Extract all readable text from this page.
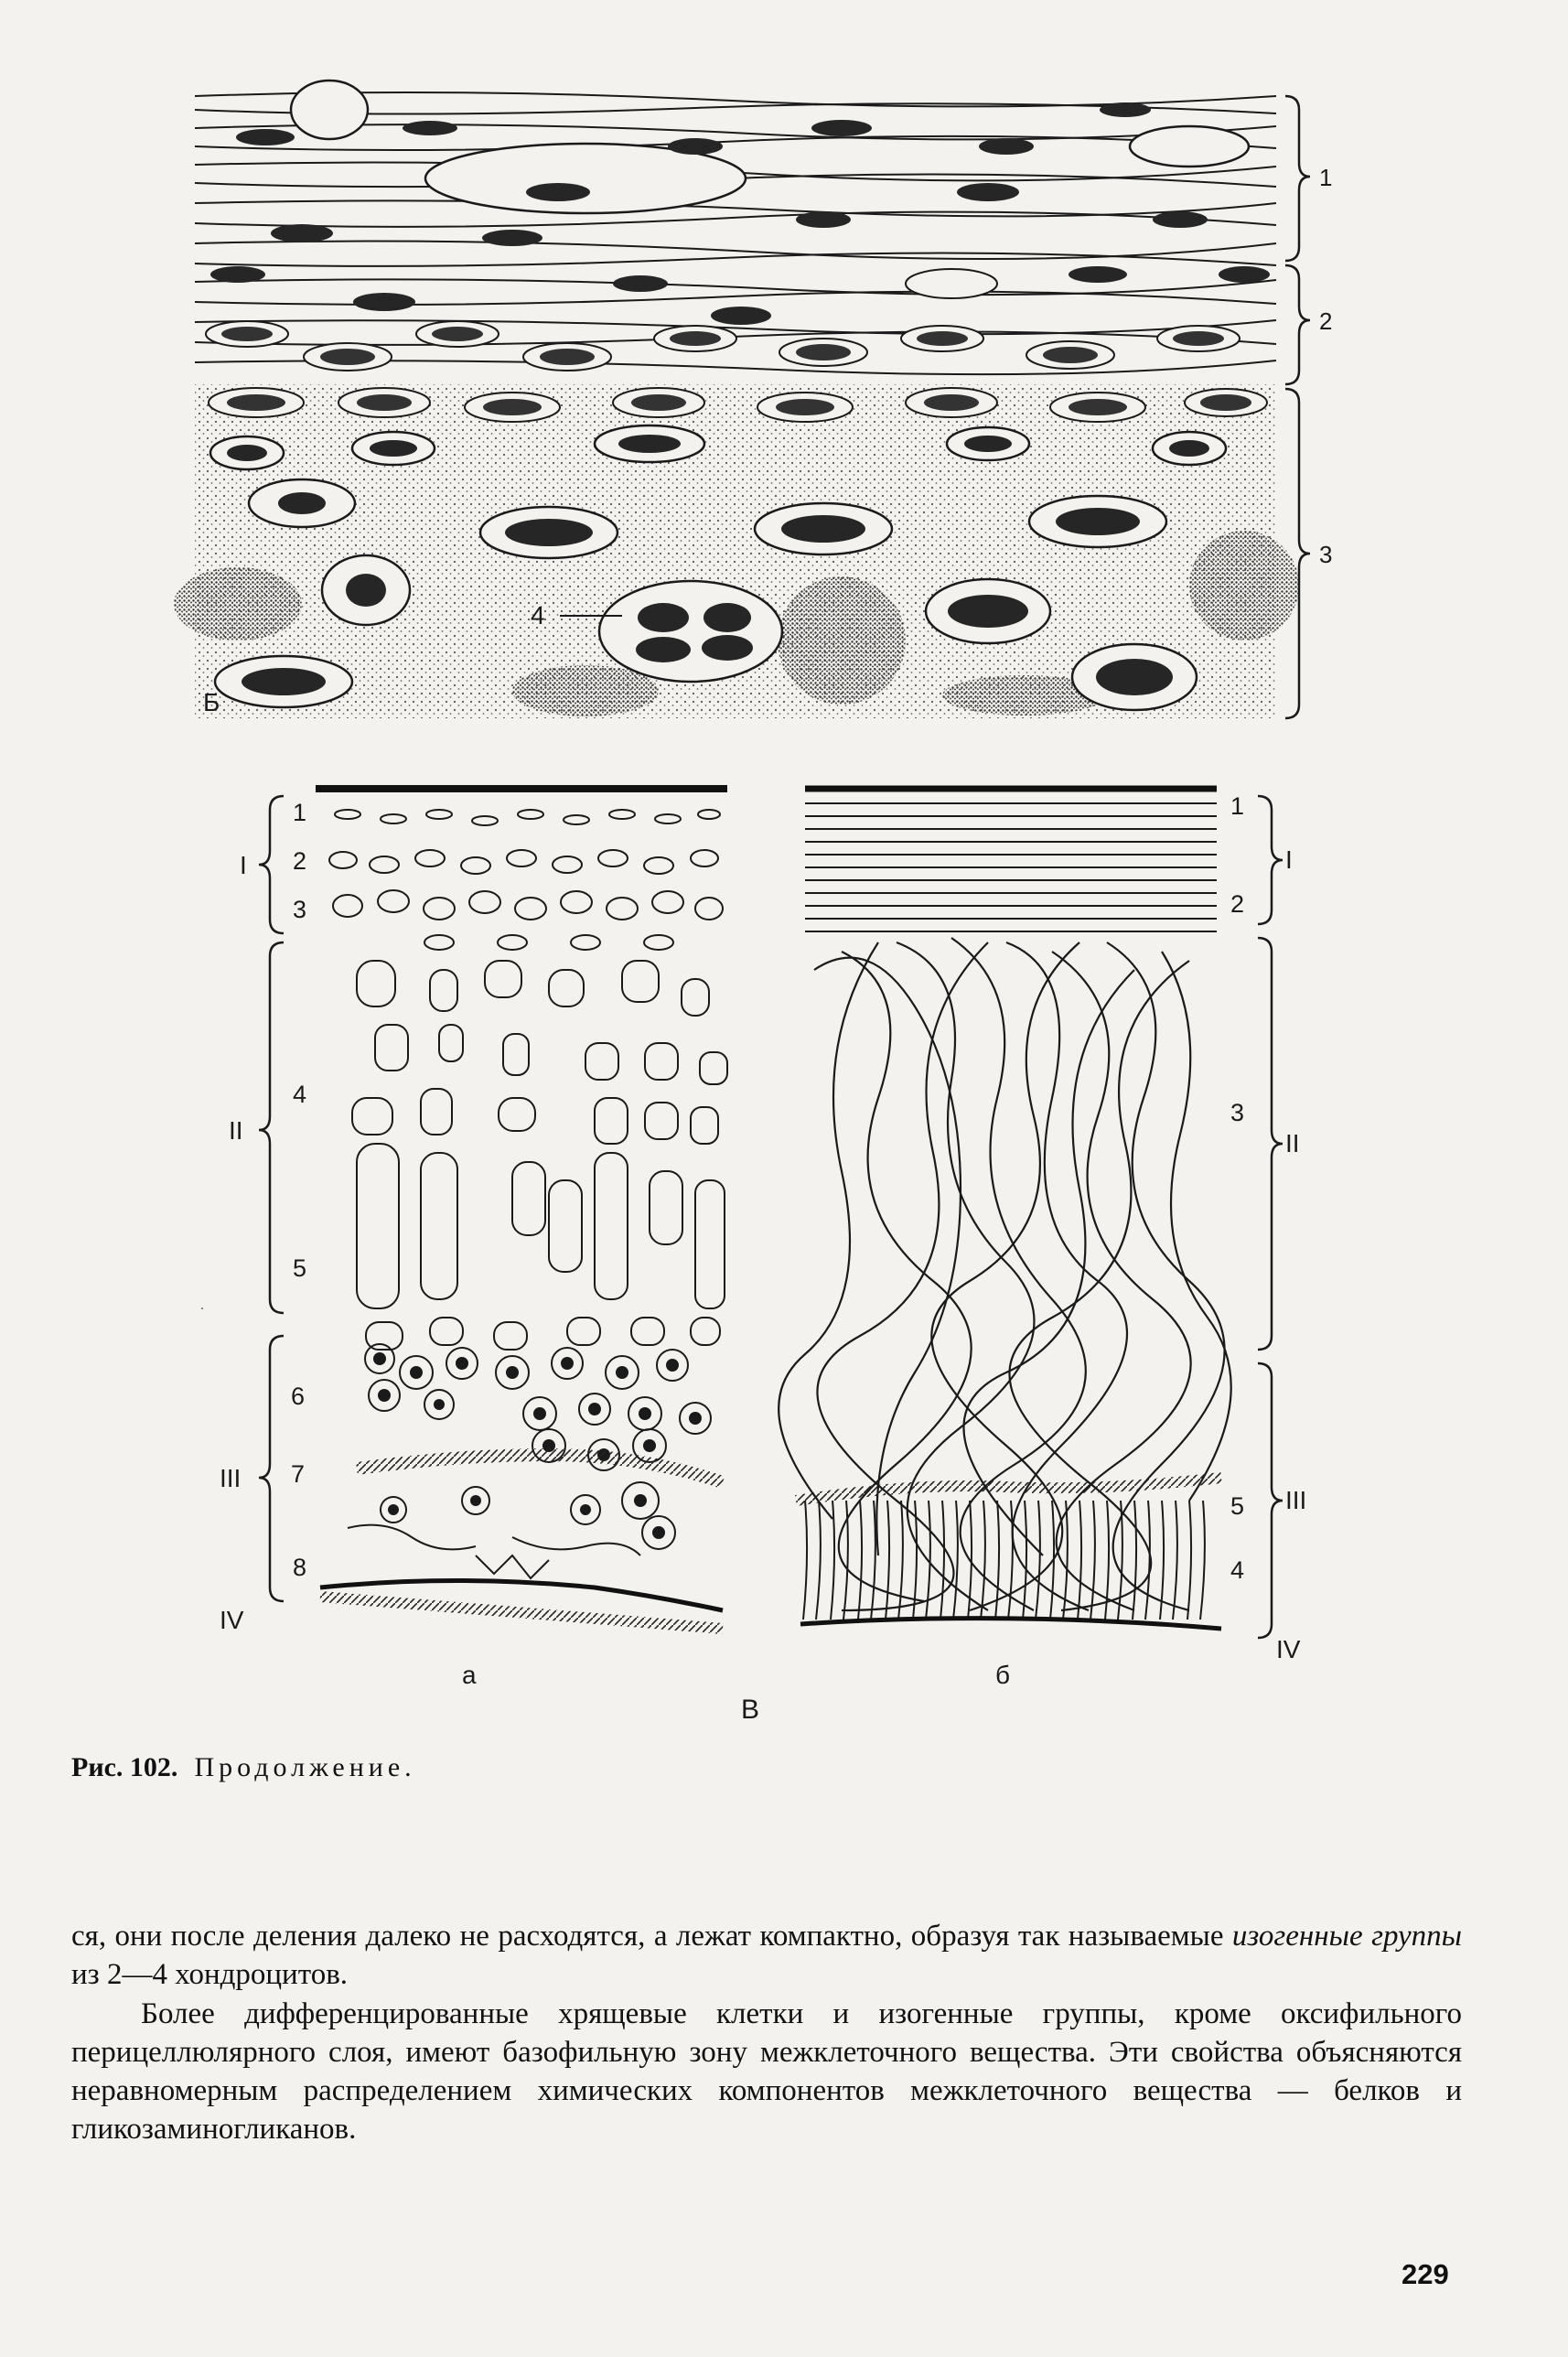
Б
4
1
2
3
I
II
III
IV
1
2
3
4
5
6
7
8
а
I
II
III
IV
1
2
3
5
4
б
В
Рис. 102. Продолжение.

ся, они после деления далеко не расходятся, а лежат компактно, образуя так называемые изогенные группы из 2—4 хондроцитов.

Более дифференцированные хрящевые клетки и изогенные группы, кроме оксифильного перицеллюлярного слоя, имеют базофильную зону межклеточного вещества. Эти свойства объясняются неравномерным распределением химических компонентов межклеточного вещества — белков и гликозаминогликанов.

229
